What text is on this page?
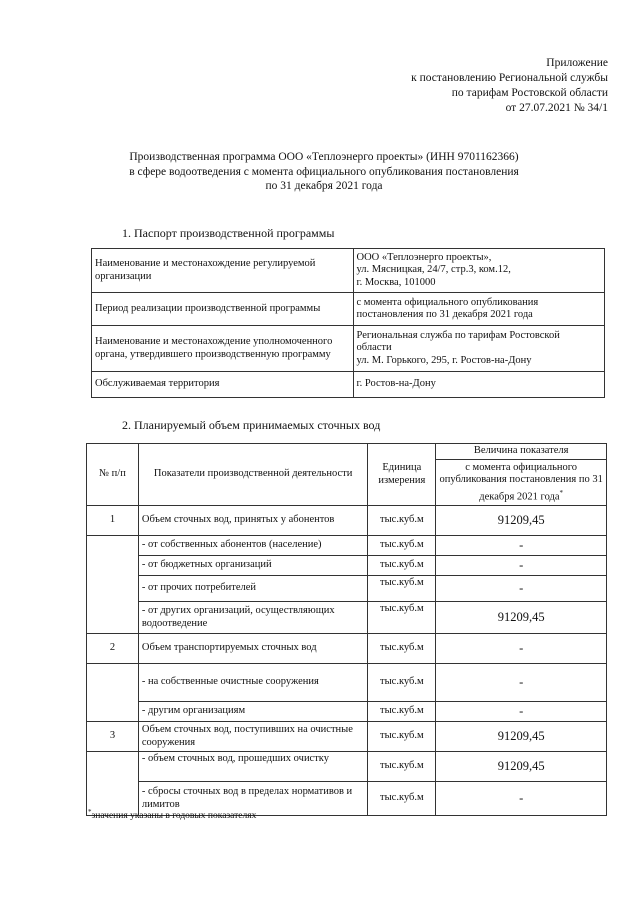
Приложение
к постановлению Региональной службы
по тарифам Ростовской области
от 27.07.2021 № 34/1
Производственная программа ООО «Теплоэнерго проекты» (ИНН 9701162366)
в сфере водоотведения с момента официального опубликования постановления
по 31 декабря 2021 года
1. Паспорт производственной программы
Наименование и местонахождение регулируемой организации	ООО «Теплоэнерго проекты»,
ул. Мясницкая, 24/7, стр.3, ком.12,
г. Москва, 101000

Период реализации производственной программы	с момента официального опубликования
постановления по 31 декабря 2021 года

Наименование и местонахождение уполномоченного органа, утвердившего производственную программу	Региональная служба по тарифам Ростовской
области
ул. М. Горького, 295, г. Ростов-на-Дону

Обслуживаемая территория	г. Ростов-на-Дону
2. Планируемый объем принимаемых сточных вод
№ п/п	Показатели производственной деятельности	Единица измерения	Величина показателя
			с момента официального опубликования постановления по 31 декабря 2021 года*
1	Объем сточных вод, принятых у абонентов	тыс.куб.м	91209,45
	- от собственных абонентов (население)	тыс.куб.м	-
	- от бюджетных организаций	тыс.куб.м	-
	- от прочих потребителей	тыс.куб.м	-
	- от других организаций, осуществляющих водоотведение	тыс.куб.м	91209,45
2	Объем транспортируемых сточных вод	тыс.куб.м	-
	- на собственные очистные сооружения	тыс.куб.м	-
	- другим организациям	тыс.куб.м	-
3	Объем сточных вод, поступивших на очистные сооружения	тыс.куб.м	91209,45
	- объем сточных вод, прошедших очистку	тыс.куб.м	91209,45
	- сбросы сточных вод в пределах нормативов и лимитов	тыс.куб.м	-
*значения указаны в годовых показателях
